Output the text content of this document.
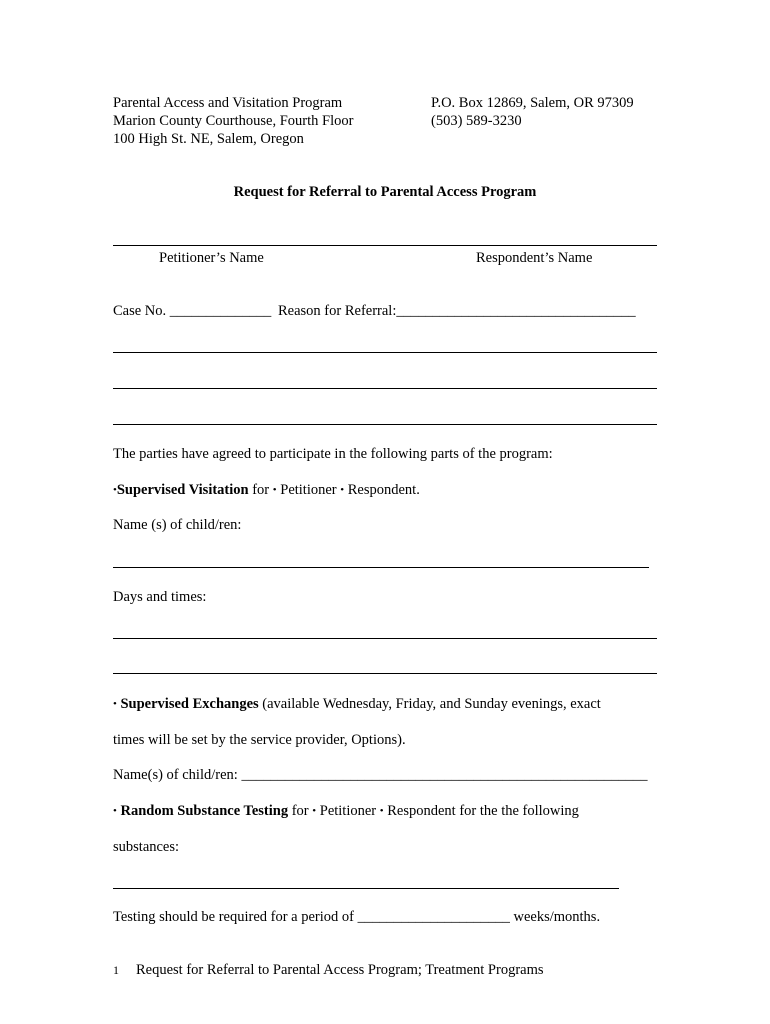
Parental Access and Visitation Program
Marion County Courthouse, Fourth Floor
100 High St. NE, Salem, Oregon
P.O. Box 12869, Salem, OR 97309
(503) 589-3230
Request for Referral to Parental Access Program
Petitioner’s Name	Respondent’s Name
Case No. ______________ Reason for Referral:_________________________________
The parties have agreed to participate in the following parts of the program:
•Supervised Visitation for • Petitioner • Respondent.
Name (s) of child/ren:
Days and times:
• Supervised Exchanges (available Wednesday, Friday, and Sunday evenings, exact
times will be set by the service provider, Options).
Name(s) of child/ren: ________________________________________________________
• Random Substance Testing for • Petitioner • Respondent for the the following
substances:
Testing should be required for a period of _____________________ weeks/months.
1 Request for Referral to Parental Access Program; Treatment Programs
